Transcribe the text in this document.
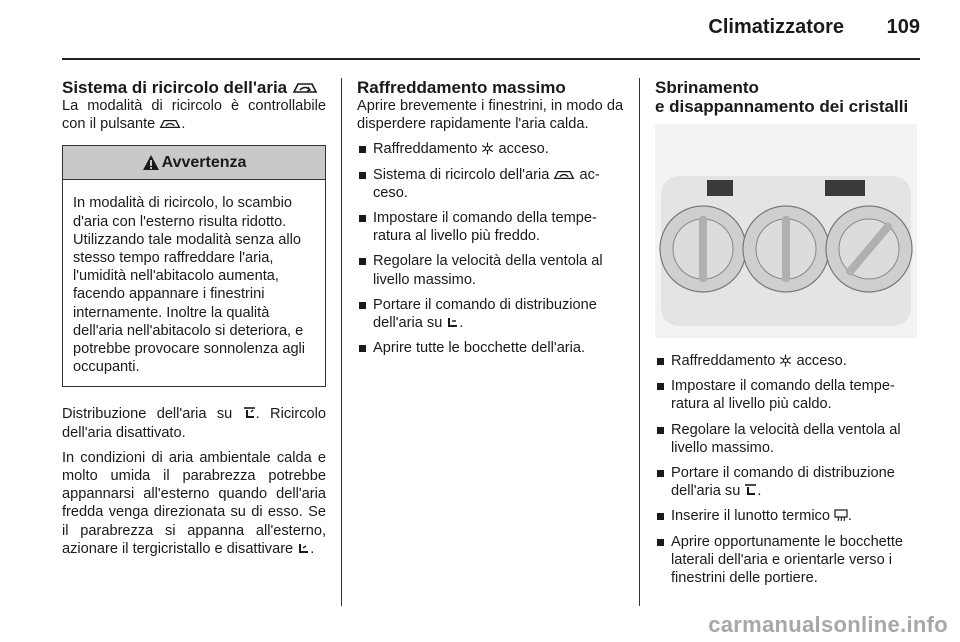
Climatizzatore 109
Sistema di ricircolo dell'aria

La modalità di ricircolo è controllabile con il pulsante .

Avvertenza
In modalità di ricircolo, lo scambio d'aria con l'esterno risulta ridotto. Utilizzando tale modalità senza allo stesso tempo raffreddare l'aria, l'umidità nell'abitacolo aumenta, facendo appannare i finestrini internamente. Inoltre la qualità dell'aria nell'abitacolo si deteriora, e potrebbe provocare sonnolenza agli occupanti.

Distribuzione dell'aria su . Ricircolo dell'aria disattivato.

In condizioni di aria ambientale calda e molto umida il parabrezza potrebbe appannarsi all'esterno quando dell'aria fredda venga direzionata su di esso. Se il parabrezza si appanna all'esterno, azionare il tergicristallo e disattivare .

Raffreddamento massimo

Aprire brevemente i finestrini, in modo da disperdere rapidamente l'aria calda.

Raffreddamento acceso.
Sistema di ricircolo dell'aria acceso.
Impostare il comando della temperatura al livello più freddo.
Regolare la velocità della ventola al livello massimo.
Portare il comando di distribuzione dell'aria su .
Aprire tutte le bocchette dell'aria.
Sbrinamento
e disappannamento dei cristalli
Raffreddamento acceso.
Impostare il comando della temperatura al livello più caldo.
Regolare la velocità della ventola al livello massimo.
Portare il comando di distribuzione dell'aria su .
Inserire il lunotto termico .
Aprire opportunamente le bocchette laterali dell'aria e orientarle verso i finestrini delle portiere.
carmanualsonline.info
